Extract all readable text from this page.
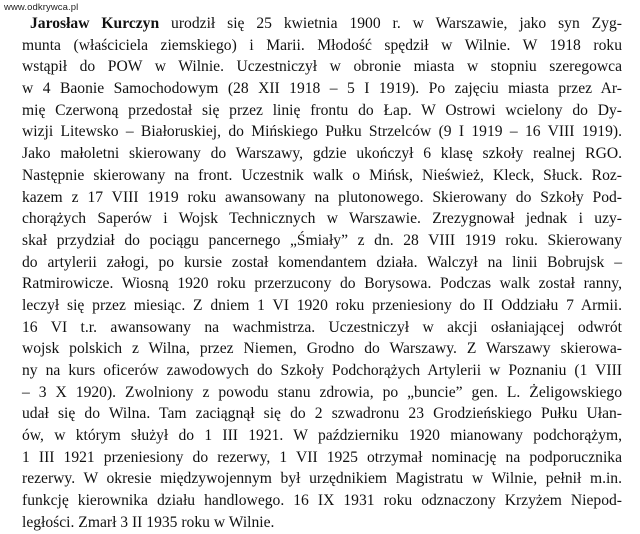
www.odkrywca.pl
Jarosław Kurczyn urodził się 25 kwietnia 1900 r. w Warszawie, jako syn Zyg-
munta (właściciela ziemskiego) i Marii. Młodość spędził w Wilnie. W 1918 roku
wstąpił do POW w Wilnie. Uczestniczył w obronie miasta w stopniu szeregowca
w 4 Baonie Samochodowym (28 XII 1918 – 5 I 1919). Po zajęciu miasta przez Ar-
mię Czerwoną przedostał się przez linię frontu do Łap. W Ostrowi wcielony do Dy-
wizji Litewsko – Białoruskiej, do Mińskiego Pułku Strzelców (9 I 1919 – 16 VIII 1919).
Jako małoletni skierowany do Warszawy, gdzie ukończył 6 klasę szkoły realnej RGO.
Następnie skierowany na front. Uczestnik walk o Mińsk, Nieśwież, Kleck, Słuck. Roz-
kazem z 17 VIII 1919 roku awansowany na plutonowego. Skierowany do Szkoły Pod-
chorążych Saperów i Wojsk Technicznych w Warszawie. Zrezygnował jednak i uzy-
skał przydział do pociągu pancernego „Śmiały” z dn. 28 VIII 1919 roku. Skierowany
do artylerii załogi, po kursie został komendantem działa. Walczył na linii Bobrujsk –
Ratmirowicze. Wiosną 1920 roku przerzucony do Borysowa. Podczas walk został ranny,
leczył się przez miesiąc. Z dniem 1 VI 1920 roku przeniesiony do II Oddziału 7 Armii.
16 VI t.r. awansowany na wachmistrza. Uczestniczył w akcji osłaniającej odwrót
wojsk polskich z Wilna, przez Niemen, Grodno do Warszawy. Z Warszawy skierowa-
ny na kurs oficerów zawodowych do Szkoły Podchorążych Artylerii w Poznaniu (1 VIII
– 3 X 1920). Zwolniony z powodu stanu zdrowia, po „buncie” gen. L. Żeligowskiego
udał się do Wilna. Tam zaciągnął się do 2 szwadronu 23 Grodzieńskiego Pułku Ułan-
ów, w którym służył do 1 III 1921. W październiku 1920 mianowany podchorążym,
1 III 1921 przeniesiony do rezerwy, 1 VII 1925 otrzymał nominację na podporucznika
rezerwy. W okresie międzywojennym był urzędnikiem Magistratu w Wilnie, pełnił m.in.
funkcję kierownika działu handlowego. 16 IX 1931 roku odznaczony Krzyżem Niepod-
ległości. Zmarł 3 II 1935 roku w Wilnie.
